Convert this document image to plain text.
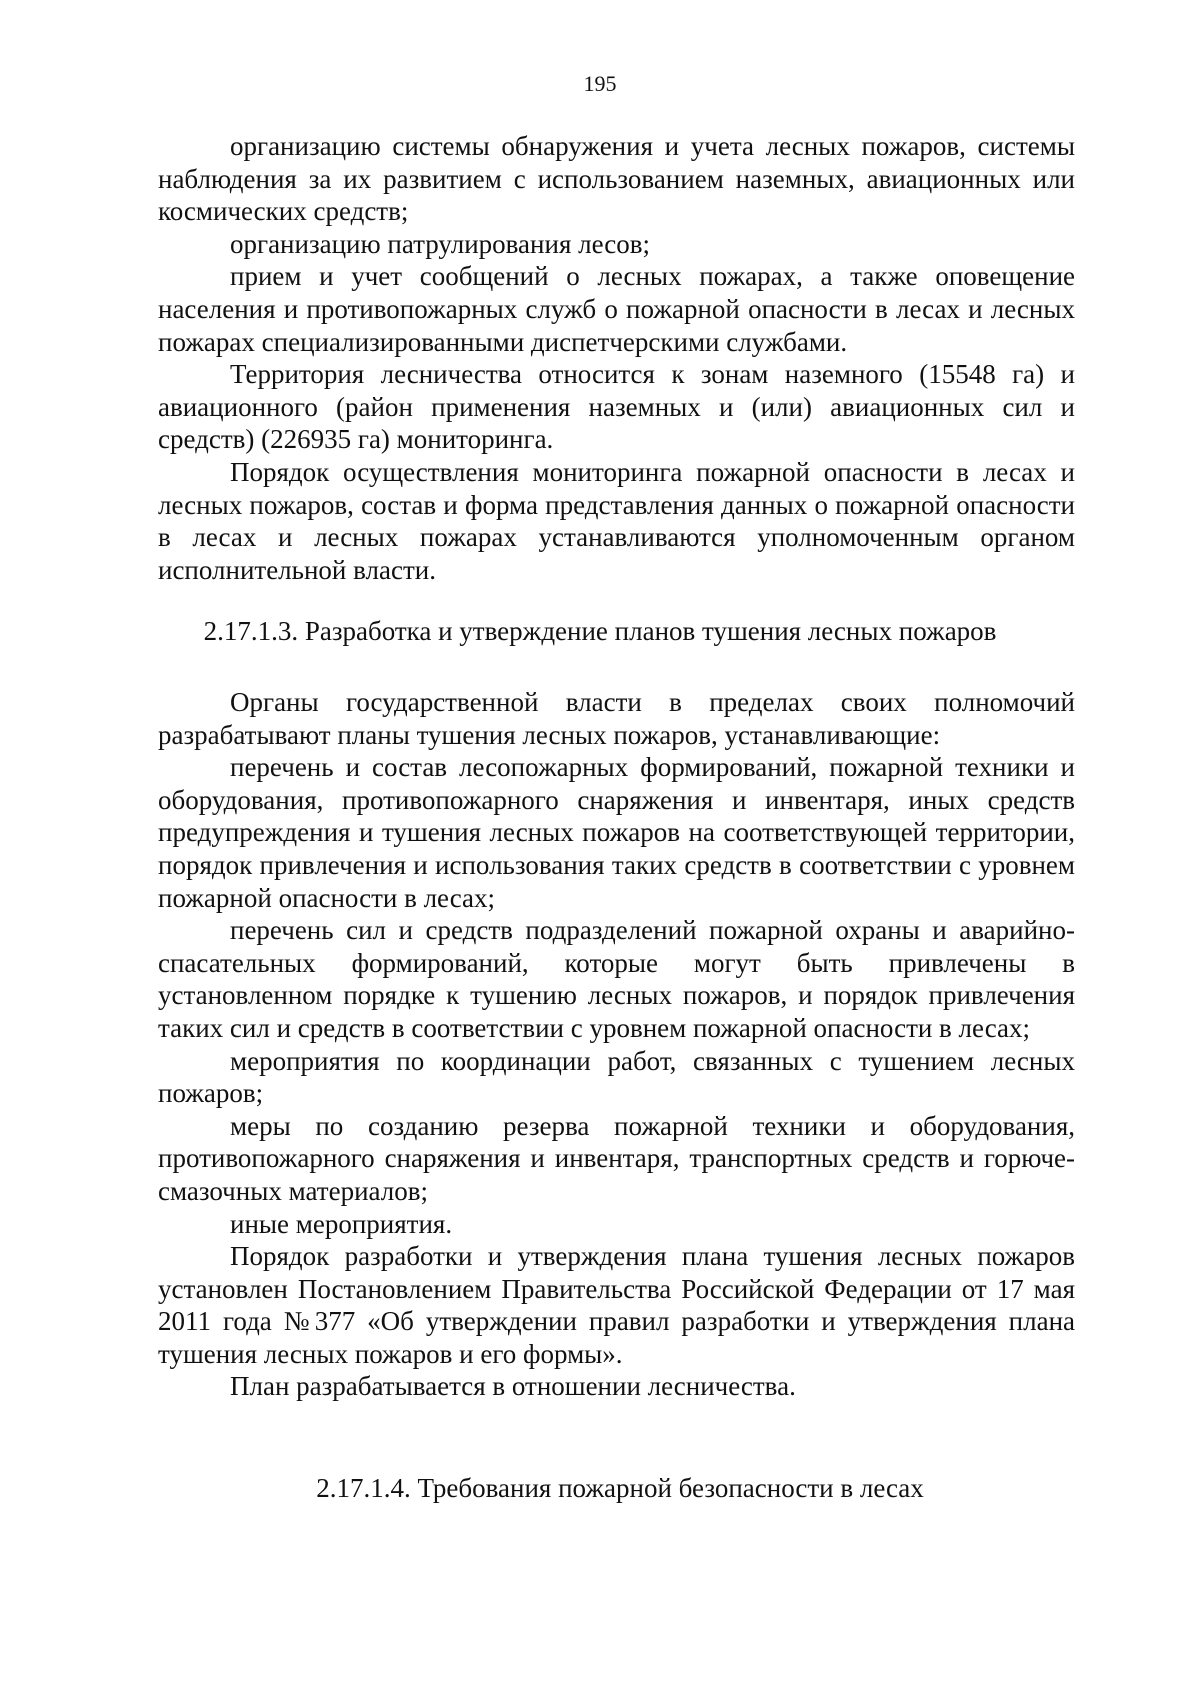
195

организацию системы обнаружения и учета лесных пожаров, системы наблюдения за их развитием с использованием наземных, авиационных или космических средств;

организацию патрулирования лесов;

прием и учет сообщений о лесных пожарах, а также оповещение населения и противопожарных служб о пожарной опасности в лесах и лесных пожарах специализированными диспетчерскими службами.

Территория лесничества относится к зонам наземного (15548 га) и авиационного (район применения наземных и (или) авиационных сил и средств) (226935 га) мониторинга.

Порядок осуществления мониторинга пожарной опасности в лесах и лесных пожаров, состав и форма представления данных о пожарной опасности в лесах и лесных пожарах устанавливаются уполномоченным органом исполнительной власти.

2.17.1.3. Разработка и утверждение планов тушения лесных пожаров

Органы государственной власти в пределах своих полномочий разрабатывают планы тушения лесных пожаров, устанавливающие:

перечень и состав лесопожарных формирований, пожарной техники и оборудования, противопожарного снаряжения и инвентаря, иных средств предупреждения и тушения лесных пожаров на соответствующей территории, порядок привлечения и использования таких средств в соответствии с уровнем пожарной опасности в лесах;

перечень сил и средств подразделений пожарной охраны и аварийно-спасательных формирований, которые могут быть привлечены в установленном порядке к тушению лесных пожаров, и порядок привлечения таких сил и средств в соответствии с уровнем пожарной опасности в лесах;

мероприятия по координации работ, связанных с тушением лесных пожаров;

меры по созданию резерва пожарной техники и оборудования, противопожарного снаряжения и инвентаря, транспортных средств и горюче-смазочных материалов;

иные мероприятия.

Порядок разработки и утверждения плана тушения лесных пожаров установлен Постановлением Правительства Российской Федерации от 17 мая 2011 года №377 «Об утверждении правил разработки и утверждения плана тушения лесных пожаров и его формы».

План разрабатывается в отношении лесничества.

2.17.1.4. Требования пожарной безопасности в лесах
